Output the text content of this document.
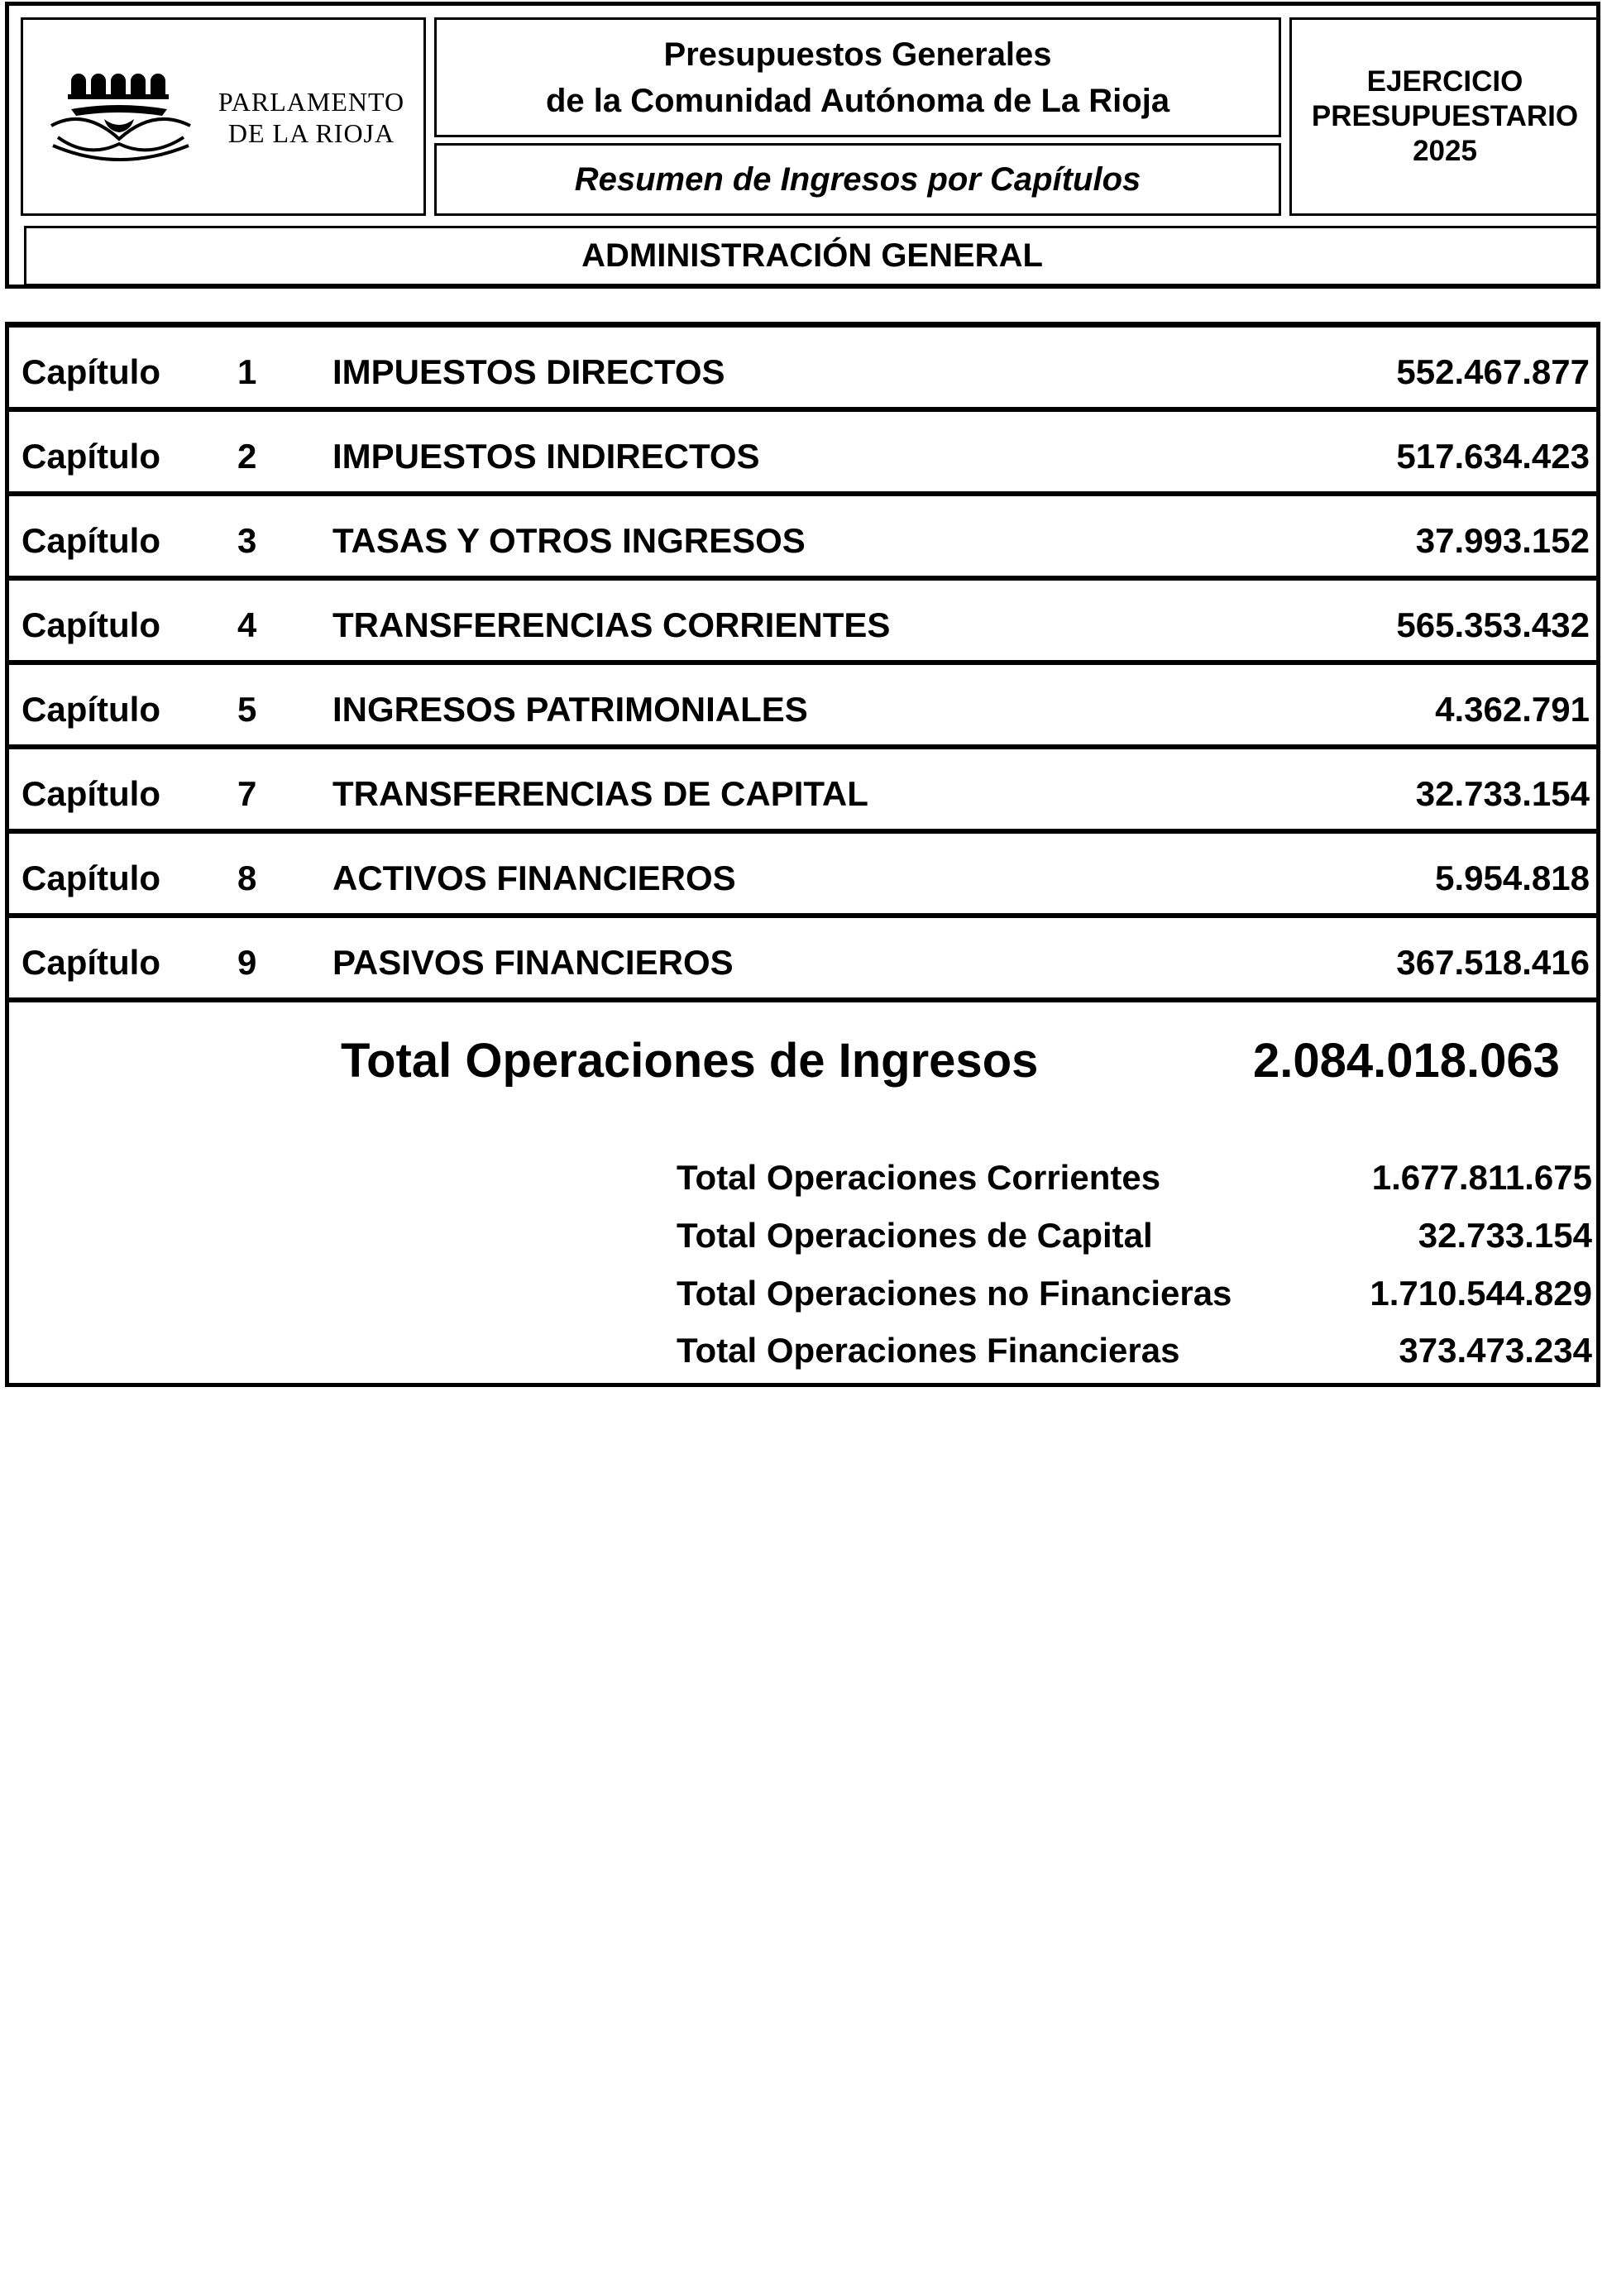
PARLAMENTO
DE LA RIOJA
Presupuestos Generales
de la Comunidad Autónoma de La Rioja
Resumen de Ingresos por Capítulos
EJERCICIO
PRESUPUESTARIO
2025
ADMINISTRACIÓN GENERAL
Capítulo 1 IMPUESTOS DIRECTOS	552.467.877
Capítulo 2 IMPUESTOS INDIRECTOS	517.634.423
Capítulo 3 TASAS Y OTROS INGRESOS	37.993.152
Capítulo 4 TRANSFERENCIAS CORRIENTES	565.353.432
Capítulo 5 INGRESOS PATRIMONIALES	4.362.791
Capítulo 7 TRANSFERENCIAS DE CAPITAL	32.733.154
Capítulo 8 ACTIVOS FINANCIEROS	5.954.818
Capítulo 9 PASIVOS FINANCIEROS	367.518.416
Total Operaciones de Ingresos	2.084.018.063
Total Operaciones Corrientes	1.677.811.675
Total Operaciones de Capital	32.733.154
Total Operaciones no Financieras	1.710.544.829
Total Operaciones Financieras	373.473.234
